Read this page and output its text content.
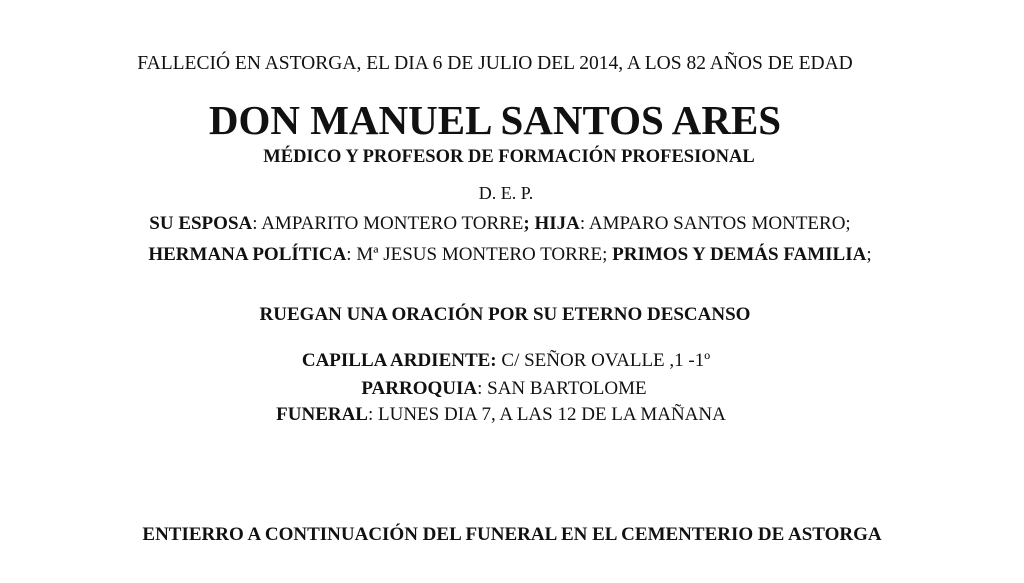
FALLECIÓ EN ASTORGA, EL DIA 6 DE JULIO DEL 2014, A LOS 82 AÑOS DE EDAD
DON MANUEL SANTOS ARES
MÉDICO Y PROFESOR DE FORMACIÓN PROFESIONAL
D. E. P.
SU ESPOSA: AMPARITO MONTERO TORRE; HIJA: AMPARO SANTOS MONTERO;
HERMANA POLÍTICA: Mª JESUS MONTERO TORRE; PRIMOS Y DEMÁS FAMILIA;
RUEGAN UNA ORACIÓN POR SU ETERNO DESCANSO
CAPILLA ARDIENTE: C/ SEÑOR OVALLE ,1 -1º
PARROQUIA: SAN BARTOLOME
FUNERAL: LUNES DIA 7, A LAS 12 DE LA MAÑANA
ENTIERRO A CONTINUACIÓN DEL FUNERAL EN EL CEMENTERIO DE ASTORGA
